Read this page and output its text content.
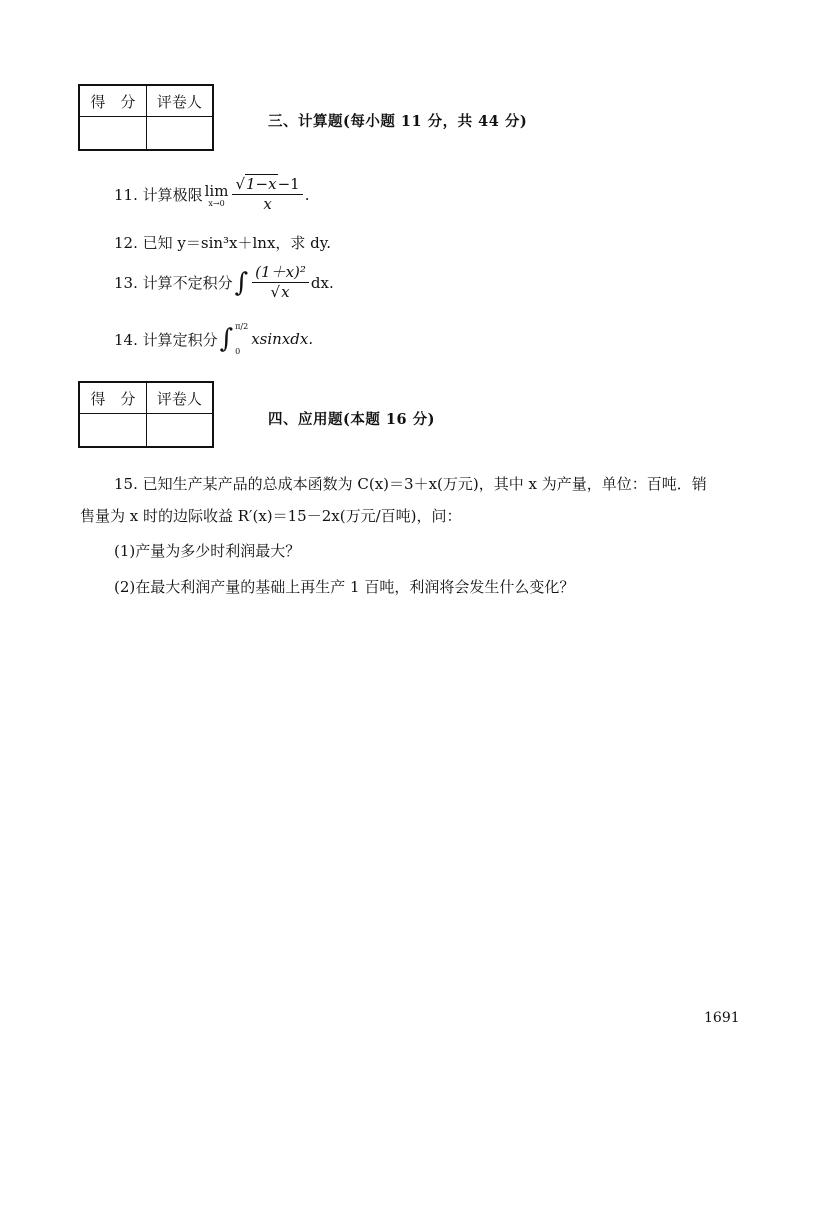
得　分	评卷人

三、计算题(每小题 11 分，共 44 分)
11. 计算极限 lim
$x\to 0 \frac{√1-x-1}{x}$ .
12. 已知 y＝sin³x＋lnx，求 dy.
13. 计算不定积分 ∫ $\frac{\text{(1＋x)²}}{√x}$ dx.
14. 计算定积分 ∫ π/2
0
xsinxdx.
得　分	评卷人

四、应用题(本题 16 分)
15. 已知生产某产品的总成本函数为 C(x)＝3＋x(万元)，其中 x 为产量，单位：百吨．销
售量为 x 时的边际收益 R′(x)＝15－2x(万元/百吨)，问：
(1)产量为多少时利润最大？
(2)在最大利润产量的基础上再生产 1 百吨，利润将会发生什么变化？
1691
